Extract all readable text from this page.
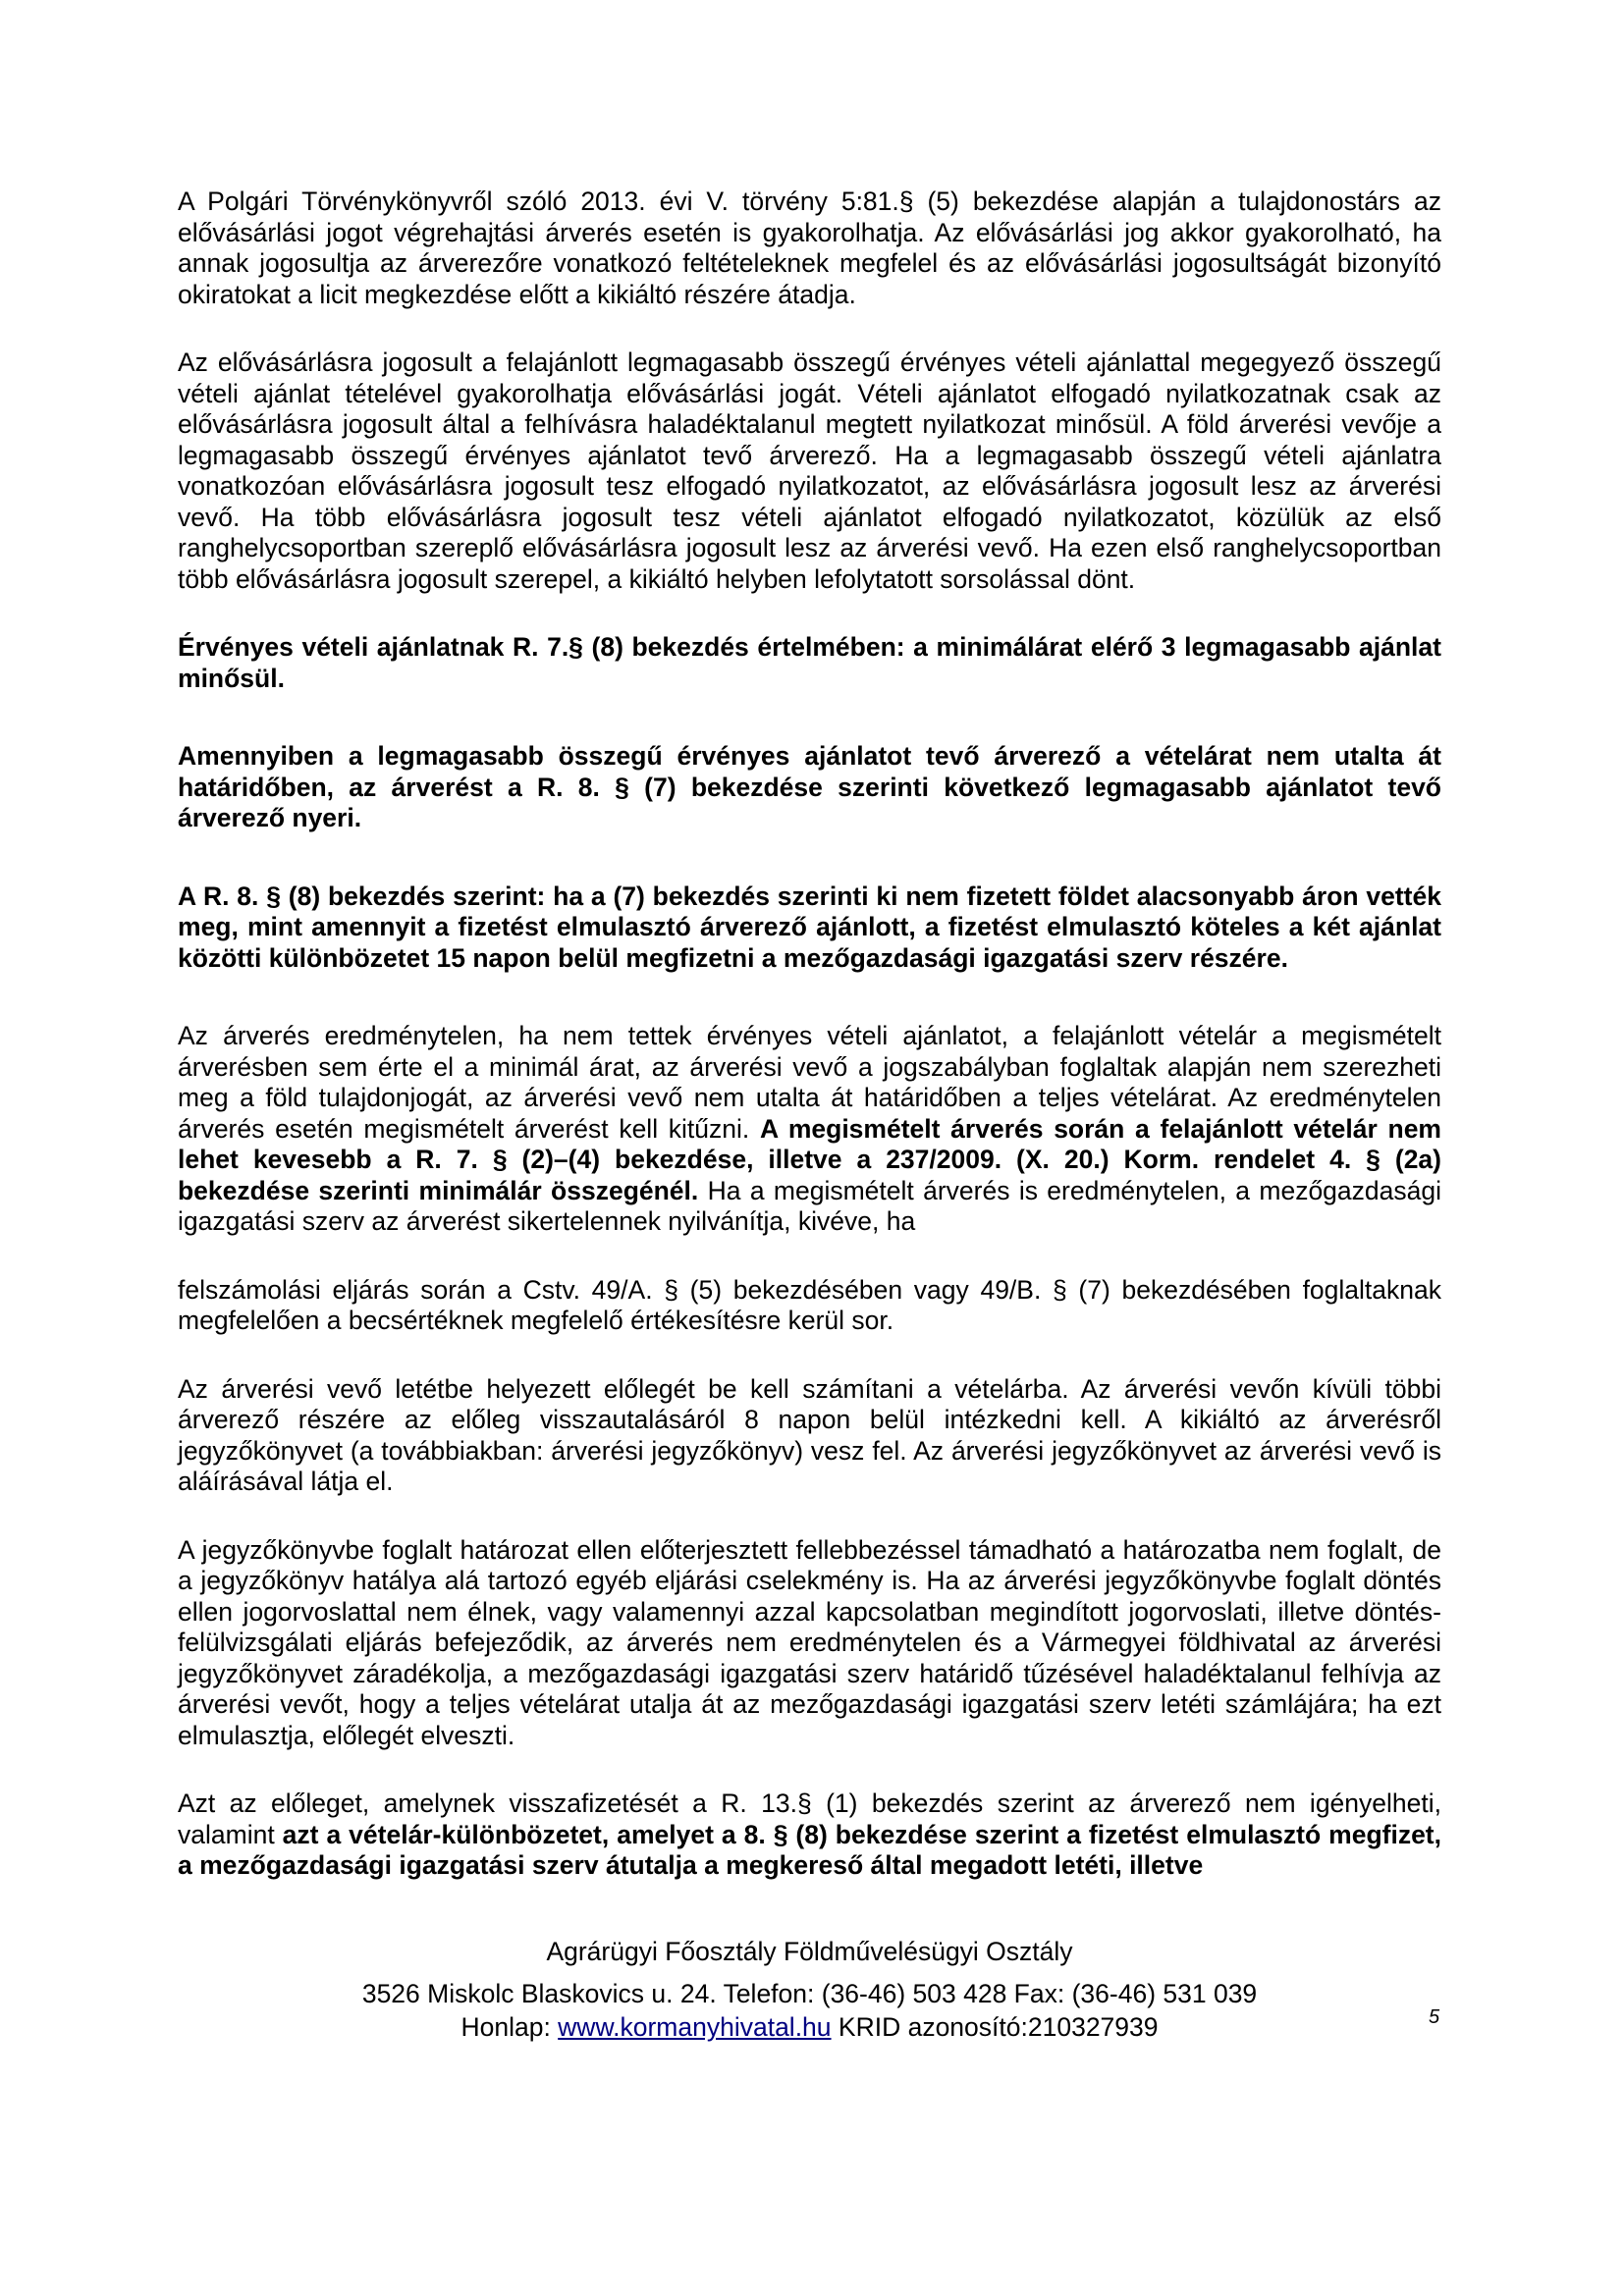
A Polgári Törvénykönyvről szóló 2013. évi V. törvény 5:81.§ (5) bekezdése alapján a tulajdonostárs az elővásárlási jogot végrehajtási árverés esetén is gyakorolhatja. Az elővásárlási jog akkor gyakorolható, ha annak jogosultja az árverezőre vonatkozó feltételeknek megfelel és az elővásárlási jogosultságát bizonyító okiratokat a licit megkezdése előtt a kikiáltó részére átadja.

Az elővásárlásra jogosult a felajánlott legmagasabb összegű érvényes vételi ajánlattal megegyező összegű vételi ajánlat tételével gyakorolhatja elővásárlási jogát. Vételi ajánlatot elfogadó nyilatkozatnak csak az elővásárlásra jogosult által a felhívásra haladéktalanul megtett nyilatkozat minősül. A föld árverési vevője a legmagasabb összegű érvényes ajánlatot tevő árverező. Ha a legmagasabb összegű vételi ajánlatra vonatkozóan elővásárlásra jogosult tesz elfogadó nyilatkozatot, az elővásárlásra jogosult lesz az árverési vevő. Ha több elővásárlásra jogosult tesz vételi ajánlatot elfogadó nyilatkozatot, közülük az első ranghelycsoportban szereplő elővásárlásra jogosult lesz az árverési vevő. Ha ezen első ranghelycsoportban több elővásárlásra jogosult szerepel, a kikiáltó helyben lefolytatott sorsolással dönt.

Érvényes vételi ajánlatnak R. 7.§ (8) bekezdés értelmében: a minimálárat elérő 3 legmagasabb ajánlat minősül.

Amennyiben a legmagasabb összegű érvényes ajánlatot tevő árverező a vételárat nem utalta át határidőben, az árverést a R. 8. § (7) bekezdése szerinti következő legmagasabb ajánlatot tevő árverező nyeri.

A R. 8. § (8) bekezdés szerint: ha a (7) bekezdés szerinti ki nem fizetett földet alacsonyabb áron vették meg, mint amennyit a fizetést elmulasztó árverező ajánlott, a fizetést elmulasztó köteles a két ajánlat közötti különbözetet 15 napon belül megfizetni a mezőgazdasági igazgatási szerv részére.

Az árverés eredménytelen, ha nem tettek érvényes vételi ajánlatot, a felajánlott vételár a megismételt árverésben sem érte el a minimál árat, az árverési vevő a jogszabályban foglaltak alapján nem szerezheti meg a föld tulajdonjogát, az árverési vevő nem utalta át határidőben a teljes vételárat. Az eredménytelen árverés esetén megismételt árverést kell kitűzni. A megismételt árverés során a felajánlott vételár nem lehet kevesebb a R. 7. § (2)–(4) bekezdése, illetve a 237/2009. (X. 20.) Korm. rendelet 4. § (2a) bekezdése szerinti minimálár összegénél. Ha a megismételt árverés is eredménytelen, a mezőgazdasági igazgatási szerv az árverést sikertelennek nyilvánítja, kivéve, ha

felszámolási eljárás során a Cstv. 49/A. § (5) bekezdésében vagy 49/B. § (7) bekezdésében foglaltaknak megfelelően a becsértéknek megfelelő értékesítésre kerül sor.

Az árverési vevő letétbe helyezett előlegét be kell számítani a vételárba. Az árverési vevőn kívüli többi árverező részére az előleg visszautalásáról 8 napon belül intézkedni kell. A kikiáltó az árverésről jegyzőkönyvet (a továbbiakban: árverési jegyzőkönyv) vesz fel. Az árverési jegyzőkönyvet az árverési vevő is aláírásával látja el.

A jegyzőkönyvbe foglalt határozat ellen előterjesztett fellebbezéssel támadható a határozatba nem foglalt, de a jegyzőkönyv hatálya alá tartozó egyéb eljárási cselekmény is. Ha az árverési jegyzőkönyvbe foglalt döntés ellen jogorvoslattal nem élnek, vagy valamennyi azzal kapcsolatban megindított jogorvoslati, illetve döntés-felülvizsgálati eljárás befejeződik, az árverés nem eredménytelen és a Vármegyei földhivatal az árverési jegyzőkönyvet záradékolja, a mezőgazdasági igazgatási szerv határidő tűzésével haladéktalanul felhívja az árverési vevőt, hogy a teljes vételárat utalja át az mezőgazdasági igazgatási szerv letéti számlájára; ha ezt elmulasztja, előlegét elveszti.

Azt az előleget, amelynek visszafizetését a R. 13.§ (1) bekezdés szerint az árverező nem igényelheti, valamint azt a vételár-különbözetet, amelyet a 8. § (8) bekezdése szerint a fizetést elmulasztó megfizet, a mezőgazdasági igazgatási szerv átutalja a megkereső által megadott letéti, illetve

Agrárügyi Főosztály Földművelésügyi Osztály
3526 Miskolc Blaskovics u. 24. Telefon: (36-46) 503 428 Fax: (36-46) 531 039
Honlap: www.kormanyhivatal.hu KRID azonosító:210327939	5
